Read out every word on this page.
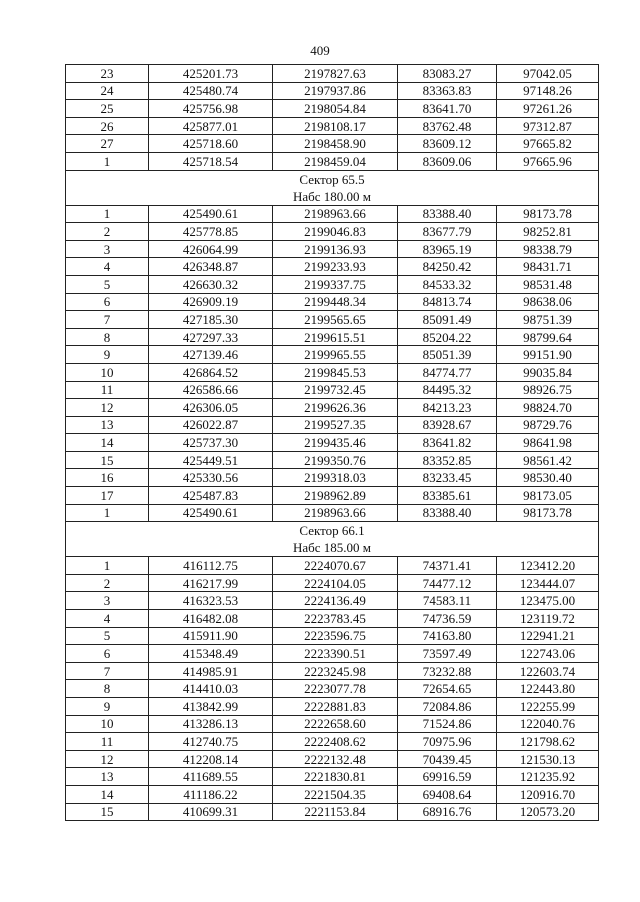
409
23	425201.73	2197827.63	83083.27	97042.05
24	425480.74	2197937.86	83363.83	97148.26
25	425756.98	2198054.84	83641.70	97261.26
26	425877.01	2198108.17	83762.48	97312.87
27	425718.60	2198458.90	83609.12	97665.82
1	425718.54	2198459.04	83609.06	97665.96

Сектор 65.5
Набс 180.00 м				

1	425490.61	2198963.66	83388.40	98173.78
2	425778.85	2199046.83	83677.79	98252.81
3	426064.99	2199136.93	83965.19	98338.79
4	426348.87	2199233.93	84250.42	98431.71
5	426630.32	2199337.75	84533.32	98531.48
6	426909.19	2199448.34	84813.74	98638.06
7	427185.30	2199565.65	85091.49	98751.39
8	427297.33	2199615.51	85204.22	98799.64
9	427139.46	2199965.55	85051.39	99151.90
10	426864.52	2199845.53	84774.77	99035.84
11	426586.66	2199732.45	84495.32	98926.75
12	426306.05	2199626.36	84213.23	98824.70
13	426022.87	2199527.35	83928.67	98729.76
14	425737.30	2199435.46	83641.82	98641.98
15	425449.51	2199350.76	83352.85	98561.42
16	425330.56	2199318.03	83233.45	98530.40
17	425487.83	2198962.89	83385.61	98173.05
1	425490.61	2198963.66	83388.40	98173.78

Сектор 66.1
Набс 185.00 м				

1	416112.75	2224070.67	74371.41	123412.20
2	416217.99	2224104.05	74477.12	123444.07
3	416323.53	2224136.49	74583.11	123475.00
4	416482.08	2223783.45	74736.59	123119.72
5	415911.90	2223596.75	74163.80	122941.21
6	415348.49	2223390.51	73597.49	122743.06
7	414985.91	2223245.98	73232.88	122603.74
8	414410.03	2223077.78	72654.65	122443.80
9	413842.99	2222881.83	72084.86	122255.99
10	413286.13	2222658.60	71524.86	122040.76
11	412740.75	2222408.62	70975.96	121798.62
12	412208.14	2222132.48	70439.45	121530.13
13	411689.55	2221830.81	69916.59	121235.92
14	411186.22	2221504.35	69408.64	120916.70
15	410699.31	2221153.84	68916.76	120573.20
